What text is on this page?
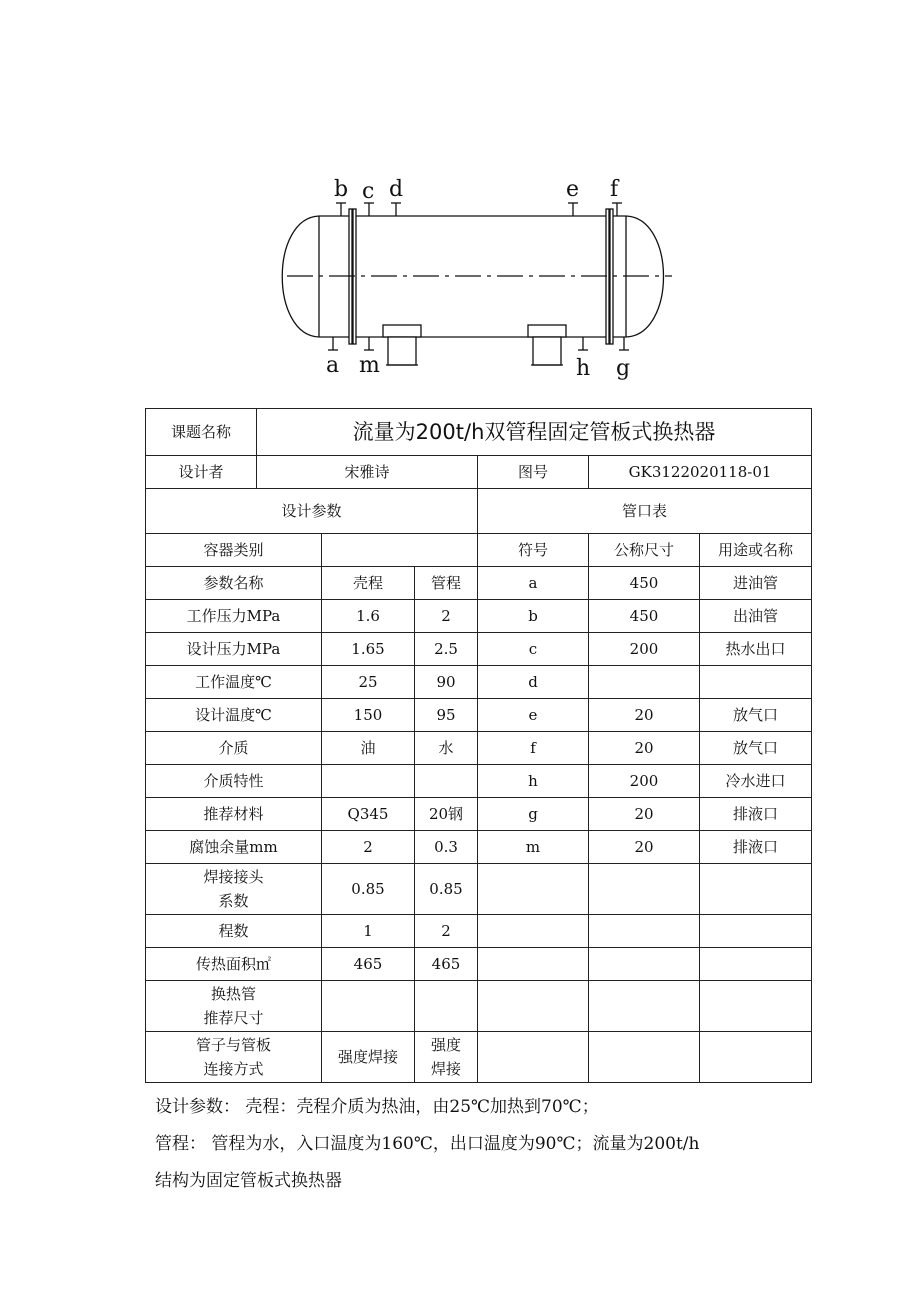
b c d	e f
a m	h g
课题名称	流量为200t/h双管程固定管板式换热器					
设计者	宋雅诗			图号	GK3122020118-01	
设计参数				管口表		
容器类别				符号	公称尺寸	用途或名称
参数名称		壳程	管程	a	450	进油管
工作压力MPa		1.6	2	b	450	出油管
设计压力MPa		1.65	2.5	c	200	热水出口
工作温度℃		25	90	d		
设计温度℃		150	95	e	20	放气口
介质		油	水	f	20	放气口
介质特性				h	200	冷水进口
推荐材料		Q345	20钢	g	20	排液口
腐蚀余量mm		2	0.3	m	20	排液口
焊接接头
系数		0.85	0.85			
程数		1	2			
传热面积㎡		465	465			
换热管
推荐尺寸						
管子与管板
连接方式		强度焊接	强度
焊接			
设计参数： 壳程：壳程介质为热油，由25℃加热到70℃；
管程： 管程为水，入口温度为160℃，出口温度为90℃；流量为200t/h
结构为固定管板式换热器
